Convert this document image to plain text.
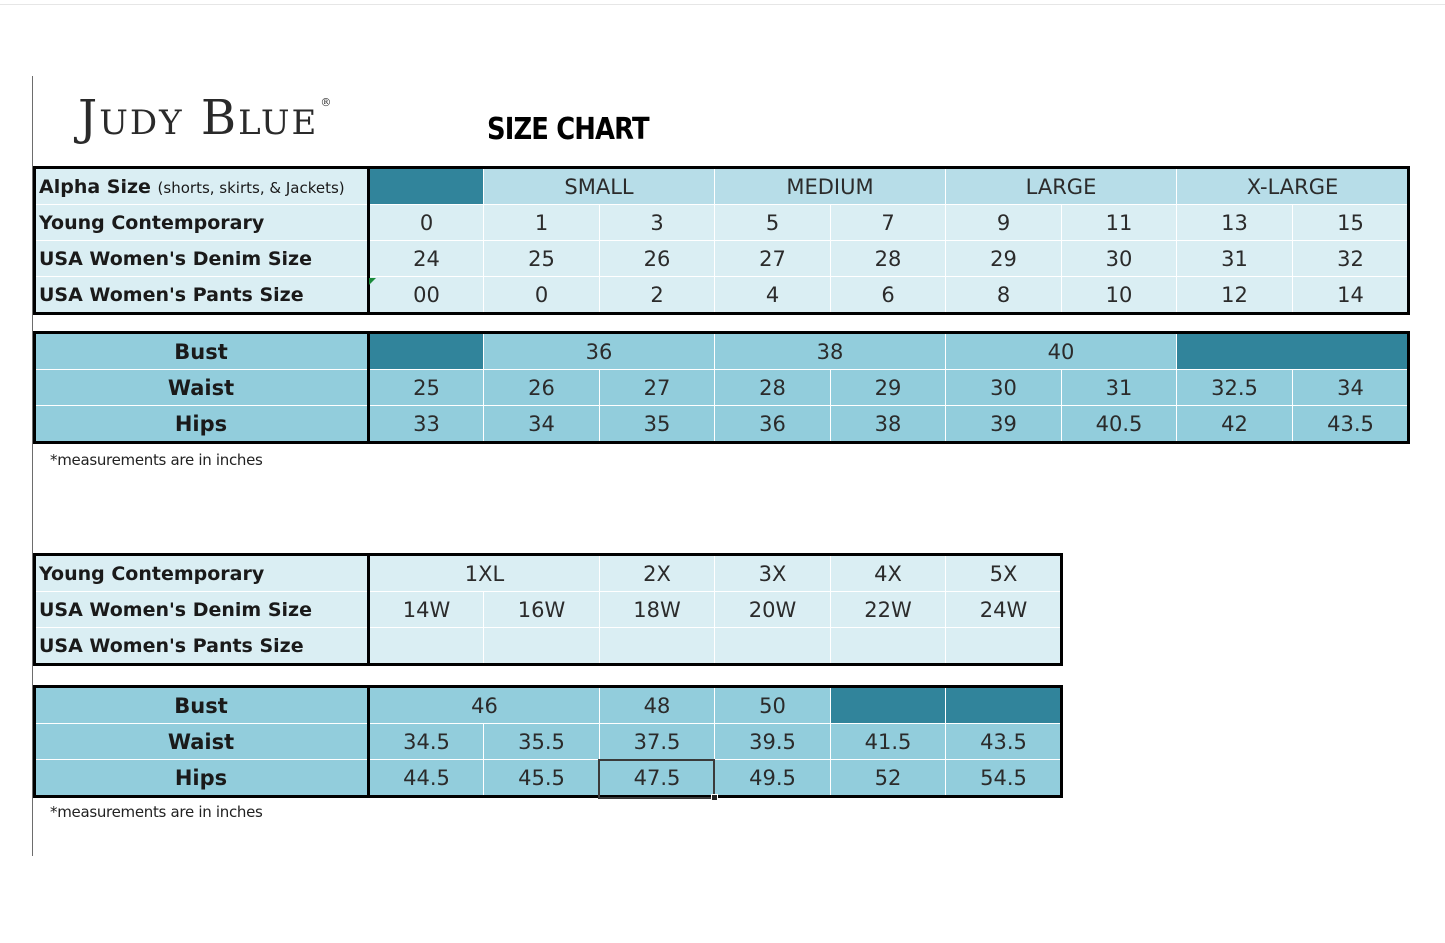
Judy Blue ®
SIZE CHART
Alpha Size (shorts, skirts, & Jackets)		SMALL		MEDIUM		LARGE		X-LARGE	
Young Contemporary	0	1	3	5	7	9	11	13	15
USA Women's Denim Size	24	25	26	27	28	29	30	31	32
USA Women's Pants Size	00	0	2	4	6	8	10	12	14
Bust		36		38		40			
Waist	25	26	27	28	29	30	31	32.5	34
Hips	33	34	35	36	38	39	40.5	42	43.5
*measurements are in inches
Young Contemporary	1XL		2X	3X	4X	5X
USA Women's Denim Size	14W	16W	18W	20W	22W	24W
USA Women's Pants Size						
Bust	46		48	50		
Waist	34.5	35.5	37.5	39.5	41.5	43.5
Hips	44.5	45.5	47.5	49.5	52	54.5
*measurements are in inches
